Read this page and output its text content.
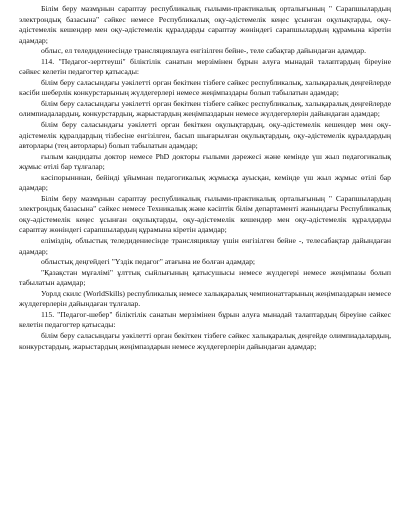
Білім беру мазмұнын сараптау республикалық ғылыми-практикалық орталығының " Сарапшылардың электрондық базасына" сәйкес немесе Республикалық оқу-әдістемелік кеңес ұсынған оқулықтарды, оқу-әдістемелік кешендер мен оқу-әдістемелік құралдарды сараптау жөніндегі сарапшылардың құрамына кіретін адамдар;

облыс, ел теледидениесінде трансляциялауға енгізілген бейне-, теле сабақтар дайындаған адамдар.

114. "Педагог-зерттеуші" біліктілік санатын мерзімінен бұрын алуға мынадай талаптардың біреуіне сәйкес келетін педагогтер қатысады:

білім беру саласындағы уәкілетті орган бекіткен тізбеге сәйкес республикалық, халықаралық деңгейлерде кәсіби шеберлік конкурстарының жүлдегерлері немесе жеңімпаздары болып табылатын адамдар;

білім беру саласындағы уәкілетті орган бекіткен тізбеге сәйкес республикалық, халықаралық деңгейлерде олимпиадалардың, конкурстардың, жарыстардың жеңімпаздарын немесе жүлдегерлерін дайындаған адамдар;

білім беру саласындағы уәкілетті орган бекіткен оқулықтардың, оқу-әдістемелік кешендер мен оқу-әдістемелік құралдардың тізбесіне енгізілген, басып шығарылған оқулықтардың, оқу-әдістемелік құралдардың авторлары (тең авторлары) болып табылатын адамдар;

ғылым кандидаты доктор немесе PhD докторы ғылыми дәрежесі және кемінде үш жыл педагогикалық жұмыс өтілі бар тұлғалар;

кәсіпорынннан, бейінді ұйымнан педагогикалық жұмысқа ауысқан, кемінде үш жыл жұмыс өтілі бар адамдар;

Білім беру мазмұнын сараптау республикалық ғылыми-практикалық орталығының " Сарапшылардың электрондық базасына" сәйкес немесе Техникалық және кәсіптік білім департаменті жанындағы Республикалық оқу-әдістемелік кеңес ұсынған оқулықтарды, оқу-әдістемелік кешендер мен оқу-әдістемелік құралдарды сараптау жөніндегі сарапшылардың құрамына кіретін адамдар;

еліміздің, облыстық теледидениесінде трансляциялау үшін енгізілген бейне -, телесабақтар дайындаған адамдар;

облыстық деңгейдегі "Үздік педагог" атағына ие болған адамдар;

"Қазақстан мұғалімі" ұлттық сыйлығының қатысушысы немесе жүлдегері немесе жеңімпазы болып табылатын адамдар;

Уорлд скилс (WorldSkills) республикалық немесе халықаралық чемпионаттарының жеңімпаздарын немесе жүлдегерлерін дайындаған тұлғалар.

115. "Педагог-шебер" біліктілік санатын мерзімінен бұрын алуға мынадай талаптардың біреуіне сәйкес келетін педагогтер қатысады:

білім беру саласындағы уәкілетті орган бекіткен тізбеге сәйкес халықаралық деңгейде олимпиадалардың, конкурстардың, жарыстардың жеңімпаздарын немесе жүлдегерлерін дайындаған адамдар;
